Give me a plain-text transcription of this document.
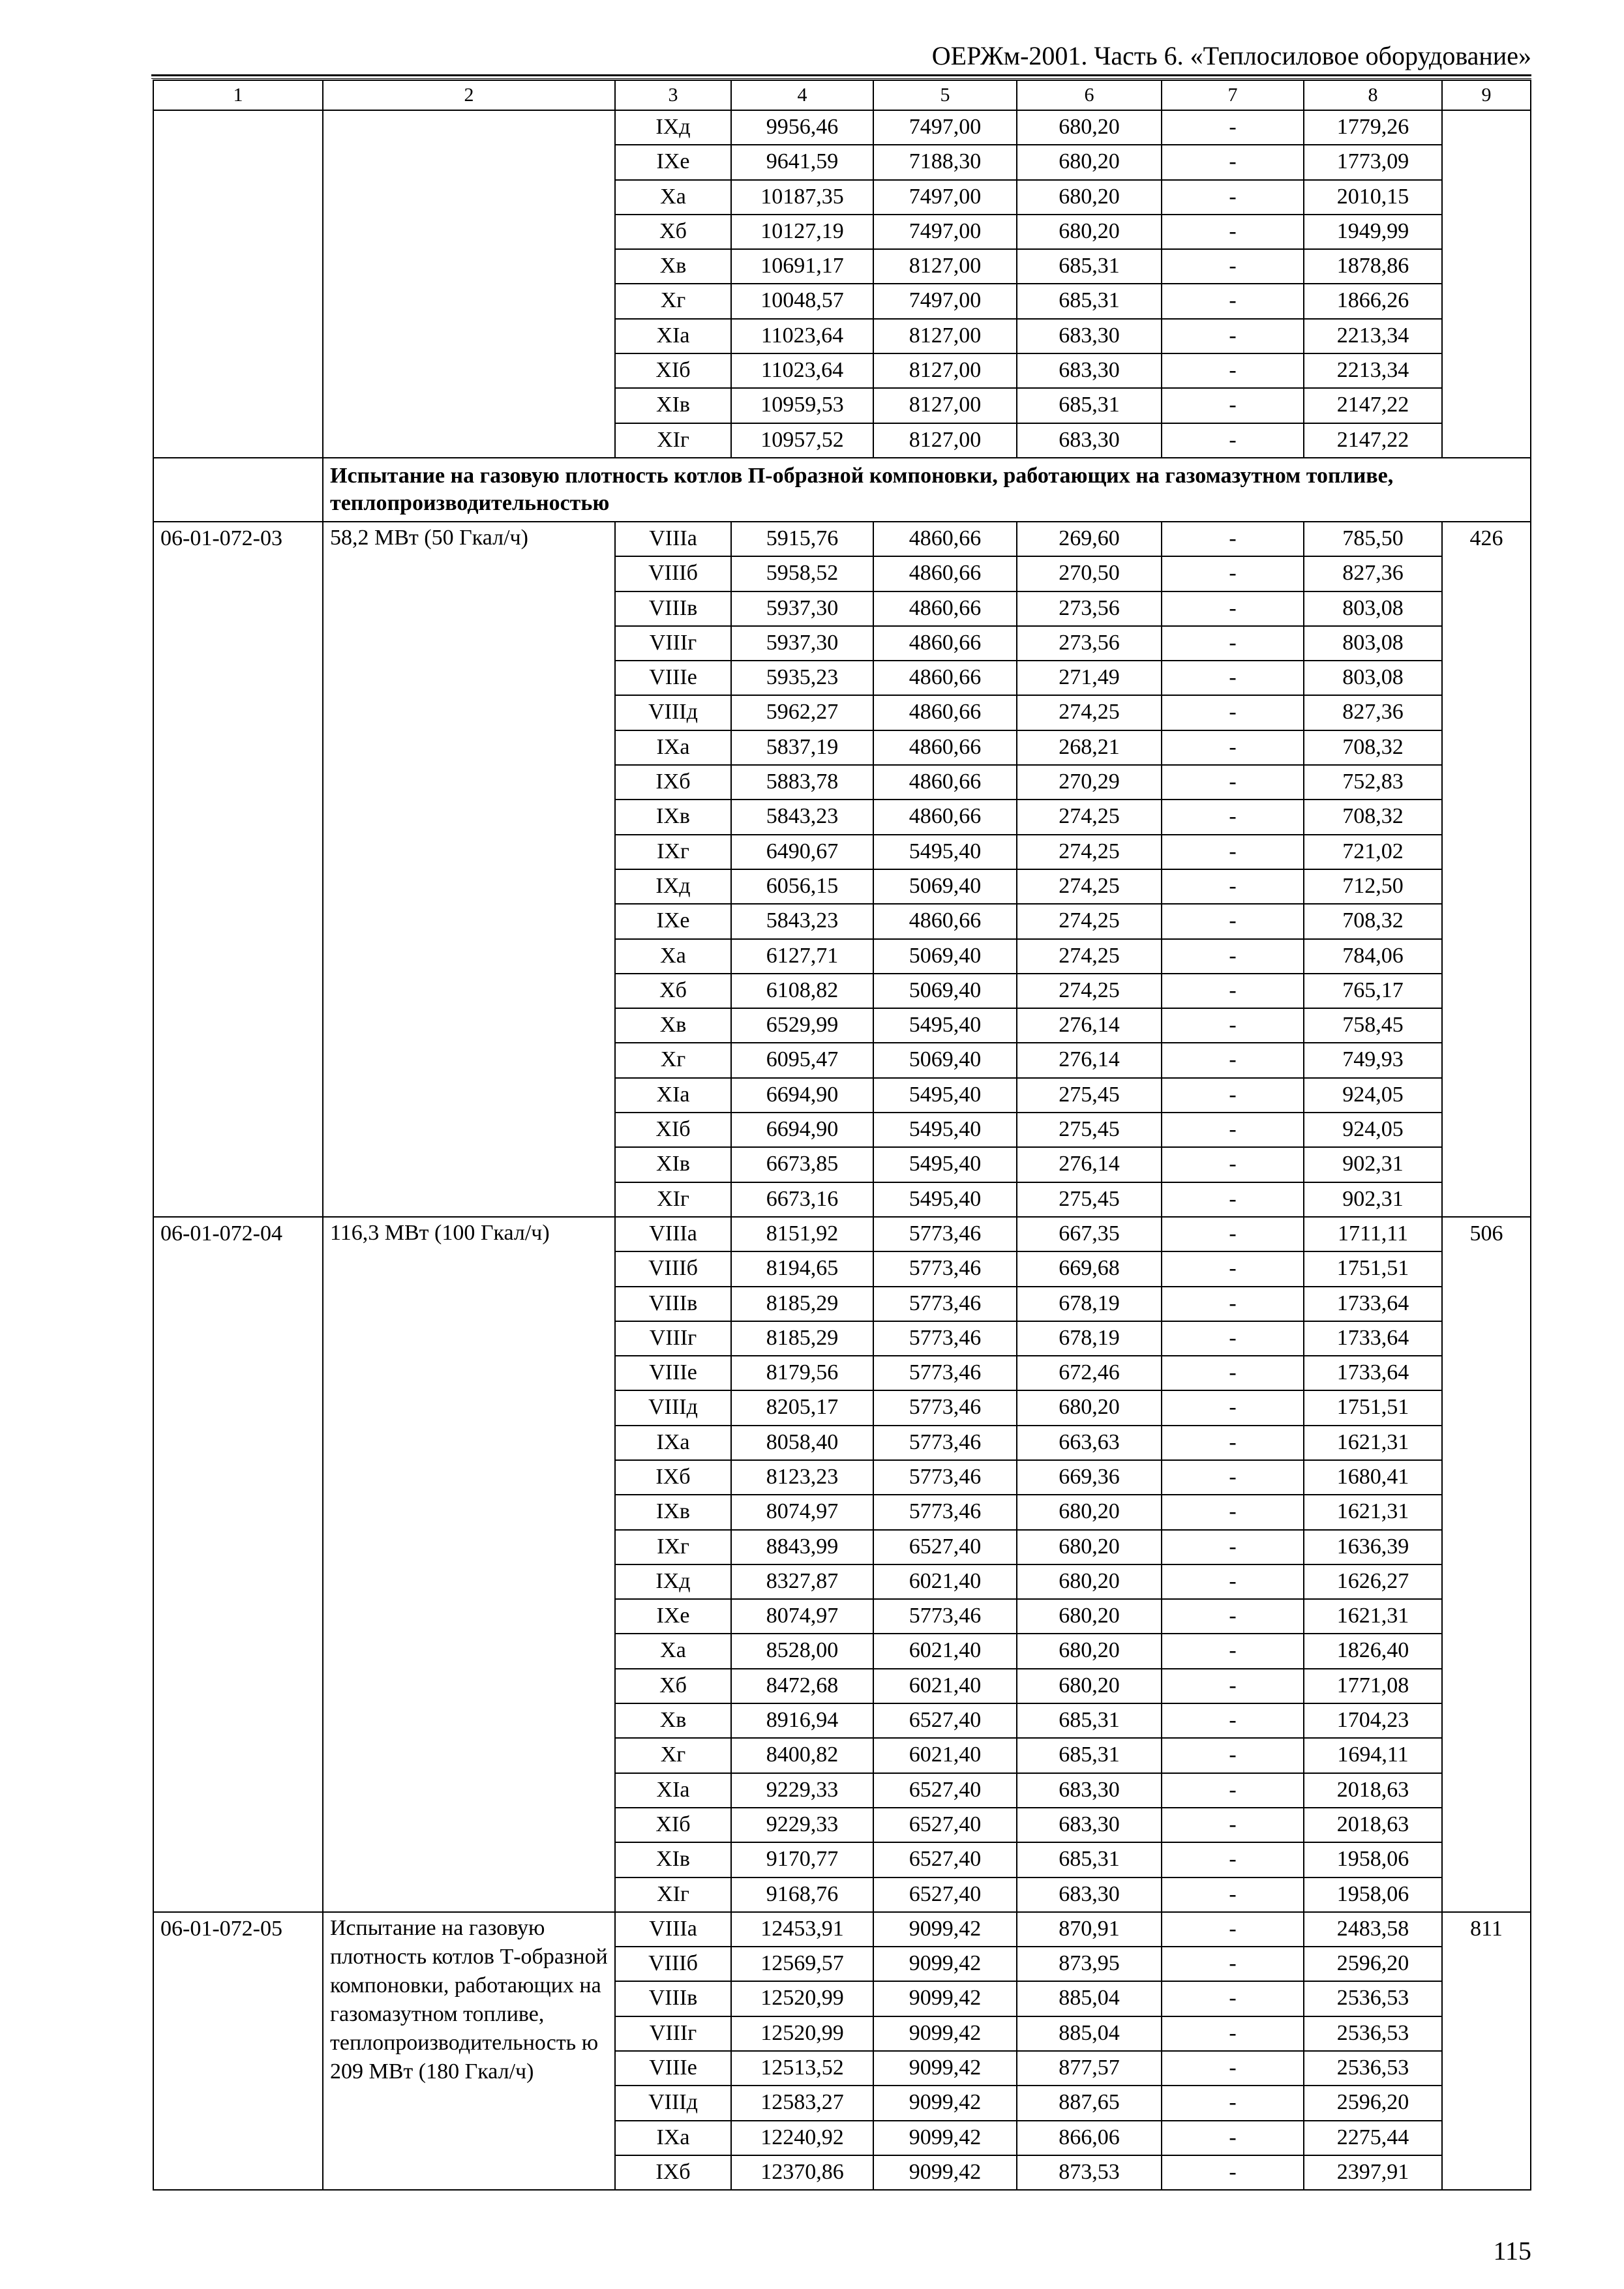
ОЕРЖм-2001. Часть 6. «Теплосиловое оборудование»
1	2	3	4	5	6	7	8	9
		IXд	9956,46	7497,00	680,20	-	1779,26	
		IXе	9641,59	7188,30	680,20	-	1773,09	
		Xа	10187,35	7497,00	680,20	-	2010,15	
		Xб	10127,19	7497,00	680,20	-	1949,99	
		Xв	10691,17	8127,00	685,31	-	1878,86	
		Xг	10048,57	7497,00	685,31	-	1866,26	
		XIа	11023,64	8127,00	683,30	-	2213,34	
		XIб	11023,64	8127,00	683,30	-	2213,34	
		XIв	10959,53	8127,00	685,31	-	2147,22	
		XIг	10957,52	8127,00	683,30	-	2147,22	
	Испытание на газовую плотность котлов П-образной компоновки, работающих на газомазутном топливе, теплопроизводительностью							
06-01-072-03	58,2 МВт (50 Гкал/ч)	VIIIа	5915,76	4860,66	269,60	-	785,50	426
		VIIIб	5958,52	4860,66	270,50	-	827,36	
		VIIIв	5937,30	4860,66	273,56	-	803,08	
		VIIIг	5937,30	4860,66	273,56	-	803,08	
		VIIIе	5935,23	4860,66	271,49	-	803,08	
		VIIIд	5962,27	4860,66	274,25	-	827,36	
		IXа	5837,19	4860,66	268,21	-	708,32	
		IXб	5883,78	4860,66	270,29	-	752,83	
		IXв	5843,23	4860,66	274,25	-	708,32	
		IXг	6490,67	5495,40	274,25	-	721,02	
		IXд	6056,15	5069,40	274,25	-	712,50	
		IXе	5843,23	4860,66	274,25	-	708,32	
		Xа	6127,71	5069,40	274,25	-	784,06	
		Xб	6108,82	5069,40	274,25	-	765,17	
		Xв	6529,99	5495,40	276,14	-	758,45	
		Xг	6095,47	5069,40	276,14	-	749,93	
		XIа	6694,90	5495,40	275,45	-	924,05	
		XIб	6694,90	5495,40	275,45	-	924,05	
		XIв	6673,85	5495,40	276,14	-	902,31	
		XIг	6673,16	5495,40	275,45	-	902,31	
06-01-072-04	116,3 МВт (100 Гкал/ч)	VIIIа	8151,92	5773,46	667,35	-	1711,11	506
		VIIIб	8194,65	5773,46	669,68	-	1751,51	
		VIIIв	8185,29	5773,46	678,19	-	1733,64	
		VIIIг	8185,29	5773,46	678,19	-	1733,64	
		VIIIе	8179,56	5773,46	672,46	-	1733,64	
		VIIIд	8205,17	5773,46	680,20	-	1751,51	
		IXа	8058,40	5773,46	663,63	-	1621,31	
		IXб	8123,23	5773,46	669,36	-	1680,41	
		IXв	8074,97	5773,46	680,20	-	1621,31	
		IXг	8843,99	6527,40	680,20	-	1636,39	
		IXд	8327,87	6021,40	680,20	-	1626,27	
		IXе	8074,97	5773,46	680,20	-	1621,31	
		Xа	8528,00	6021,40	680,20	-	1826,40	
		Xб	8472,68	6021,40	680,20	-	1771,08	
		Xв	8916,94	6527,40	685,31	-	1704,23	
		Xг	8400,82	6021,40	685,31	-	1694,11	
		XIа	9229,33	6527,40	683,30	-	2018,63	
		XIб	9229,33	6527,40	683,30	-	2018,63	
		XIв	9170,77	6527,40	685,31	-	1958,06	
		XIг	9168,76	6527,40	683,30	-	1958,06	
06-01-072-05	Испытание на газовую плотность котлов Т-образной компоновки, работающих на газомазутном топливе, теплопроизводительность ю 209 МВт (180 Гкал/ч)	VIIIа	12453,91	9099,42	870,91	-	2483,58	811
		VIIIб	12569,57	9099,42	873,95	-	2596,20	
		VIIIв	12520,99	9099,42	885,04	-	2536,53	
		VIIIг	12520,99	9099,42	885,04	-	2536,53	
		VIIIе	12513,52	9099,42	877,57	-	2536,53	
		VIIIд	12583,27	9099,42	887,65	-	2596,20	
		IXа	12240,92	9099,42	866,06	-	2275,44	
		IXб	12370,86	9099,42	873,53	-	2397,91	
115
